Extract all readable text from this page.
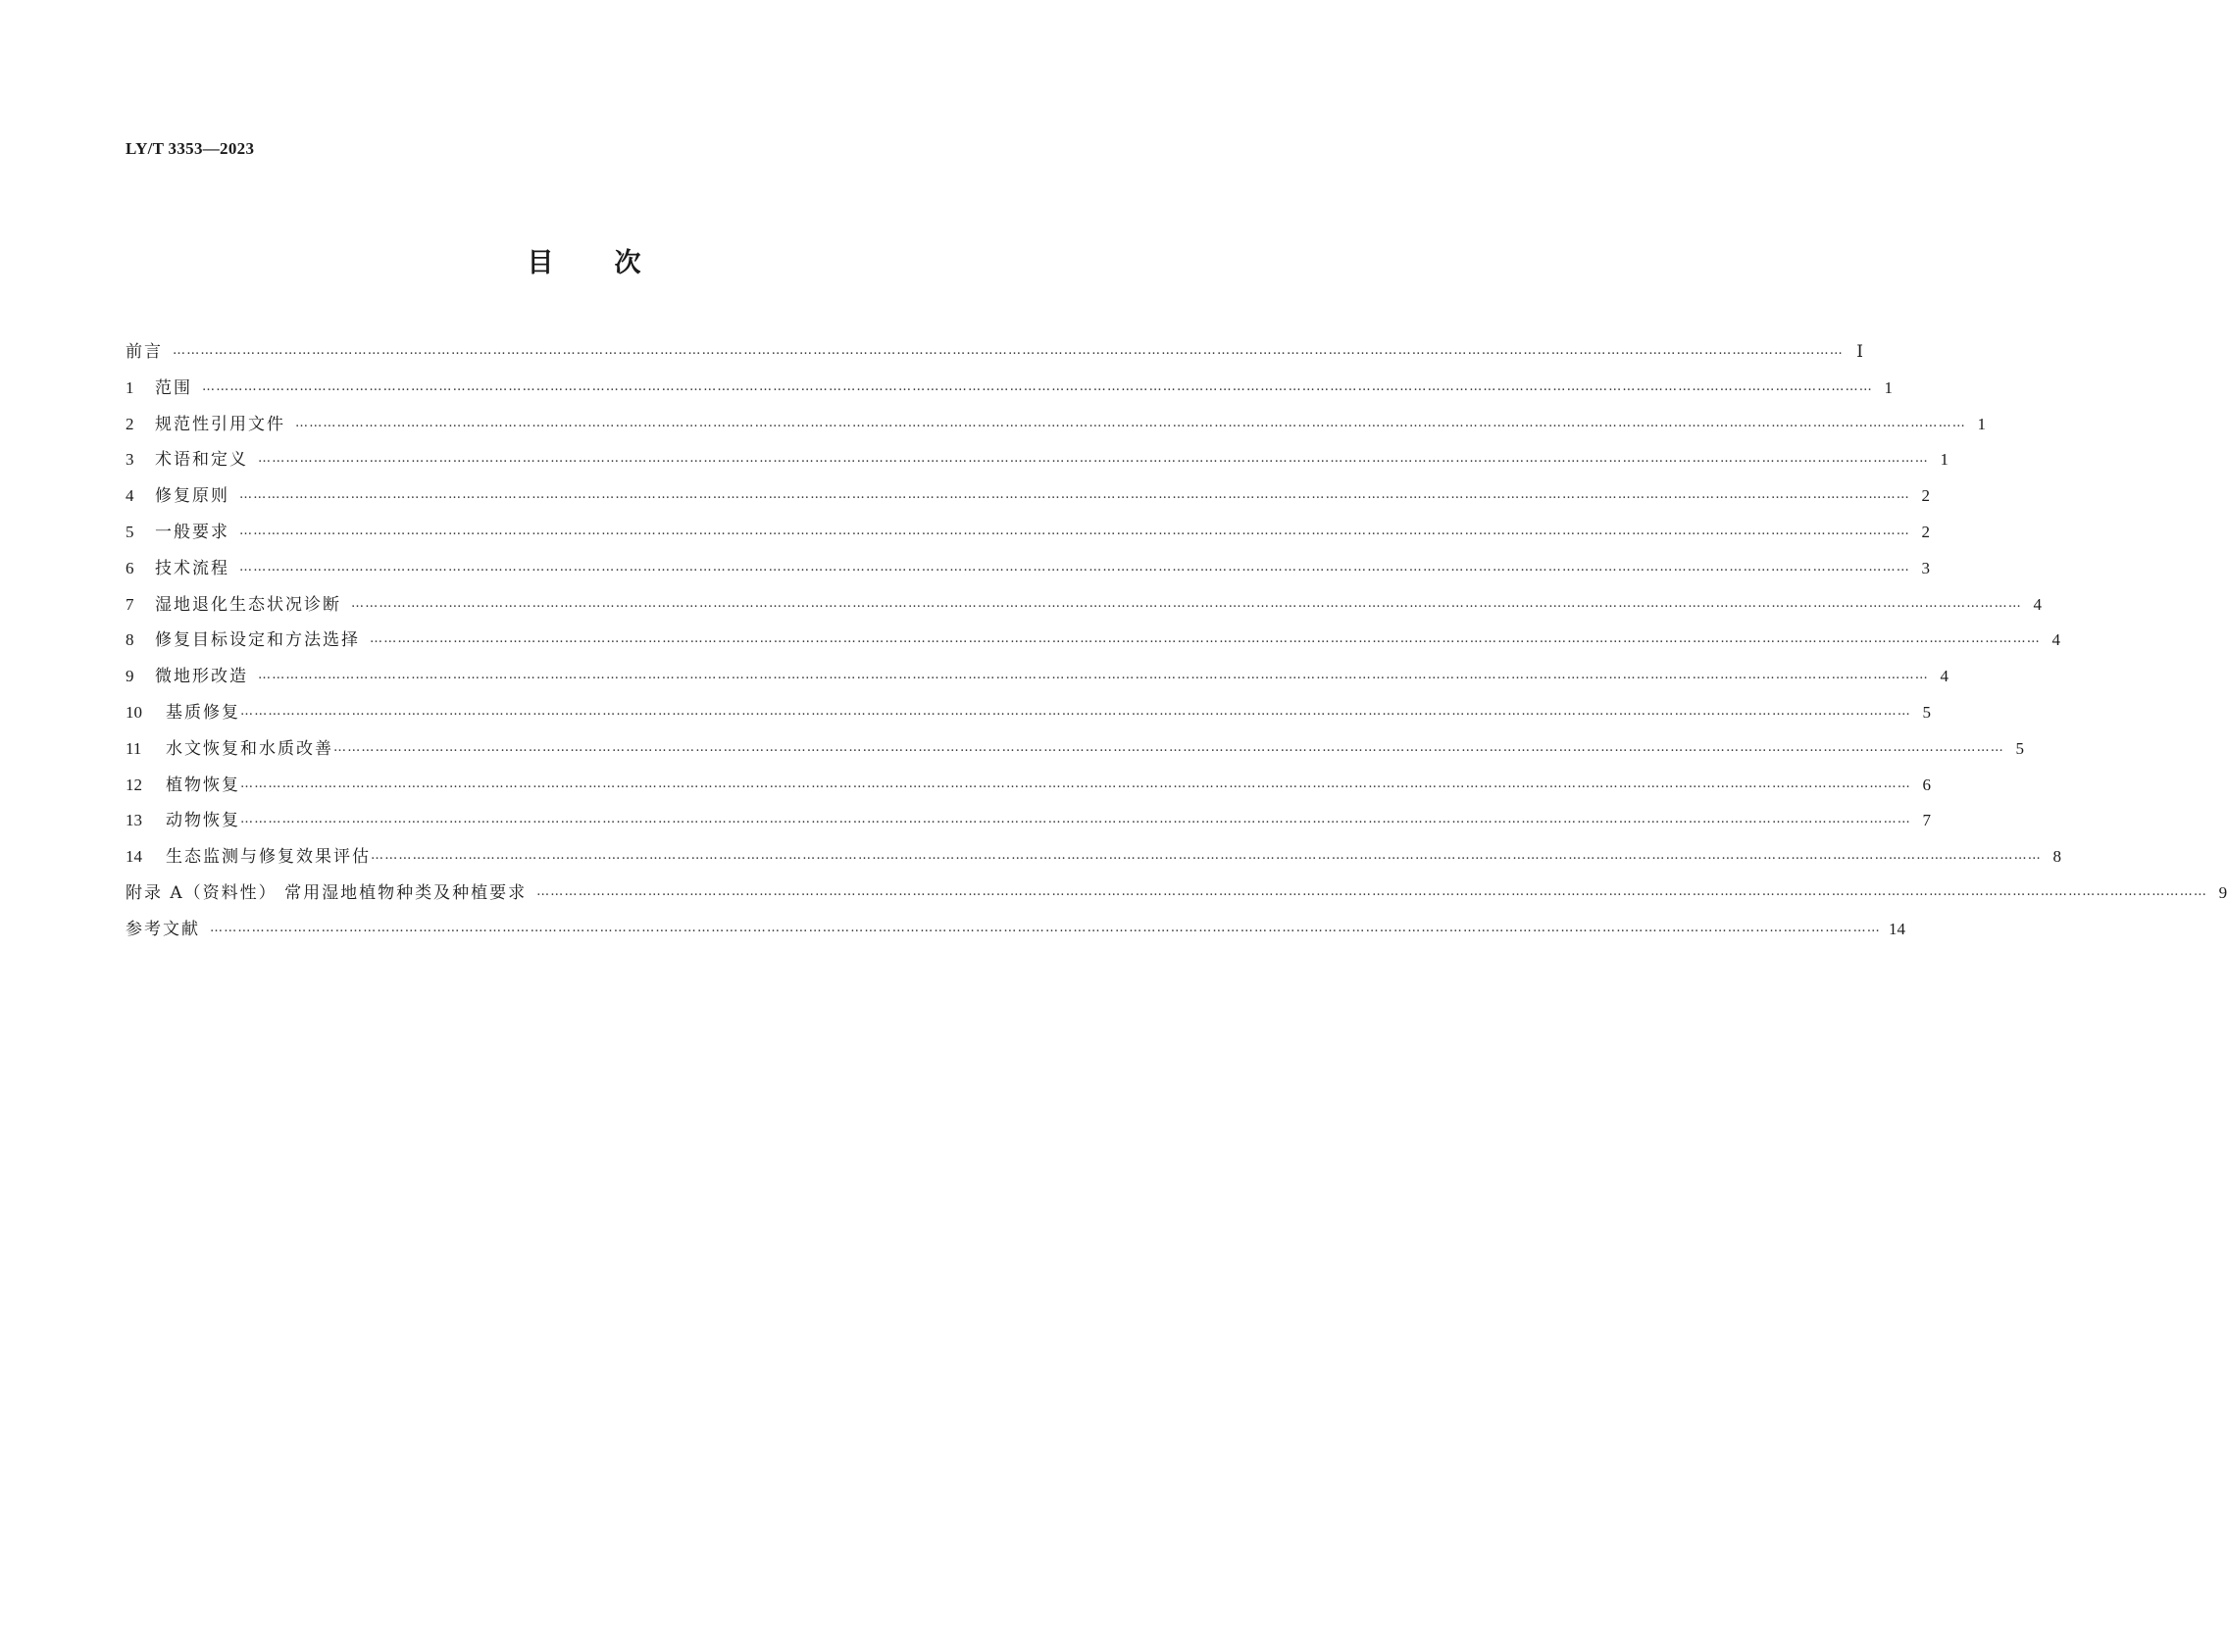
LY/T 3353—2023
目 次
前言 ……………………………………………………………………………………………………………………………………………………………………………………………………………………………………………………………………………………………………………………………… Ⅰ
1	范围 ……………………………………………………………………………………………………………………………………………………………………………………………………………………………………………………………………………………………………………………………… 1
2	规范性引用文件 ……………………………………………………………………………………………………………………………………………………………………………………………………………………………………………………………………………………………………………………………… 1
3	术语和定义 ……………………………………………………………………………………………………………………………………………………………………………………………………………………………………………………………………………………………………………………………… 1
4	修复原则 ……………………………………………………………………………………………………………………………………………………………………………………………………………………………………………………………………………………………………………………………… 2
5	一般要求 ……………………………………………………………………………………………………………………………………………………………………………………………………………………………………………………………………………………………………………………………… 2
6	技术流程 ……………………………………………………………………………………………………………………………………………………………………………………………………………………………………………………………………………………………………………………………… 3
7	湿地退化生态状况诊断 ……………………………………………………………………………………………………………………………………………………………………………………………………………………………………………………………………………………………………………………………… 4
8	修复目标设定和方法选择 ……………………………………………………………………………………………………………………………………………………………………………………………………………………………………………………………………………………………………………………………… 4
9	微地形改造 ……………………………………………………………………………………………………………………………………………………………………………………………………………………………………………………………………………………………………………………………… 4
10	基质修复 ……………………………………………………………………………………………………………………………………………………………………………………………………………………………………………………………………………………………………………………………… 5
11	水文恢复和水质改善 ……………………………………………………………………………………………………………………………………………………………………………………………………………………………………………………………………………………………………………………………… 5
12	植物恢复 ……………………………………………………………………………………………………………………………………………………………………………………………………………………………………………………………………………………………………………………………… 6
13	动物恢复 ……………………………………………………………………………………………………………………………………………………………………………………………………………………………………………………………………………………………………………………………… 7
14	生态监测与修复效果评估 ……………………………………………………………………………………………………………………………………………………………………………………………………………………………………………………………………………………………………………………………… 8
附录 A（资料性） 常用湿地植物种类及种植要求 ……………………………………………………………………………………………………………………………………………………………………………………………………………………………………………………………………………………………………………………………… 9
参考文献 ……………………………………………………………………………………………………………………………………………………………………………………………………………………………………………………………………………………………………………………………… 14
